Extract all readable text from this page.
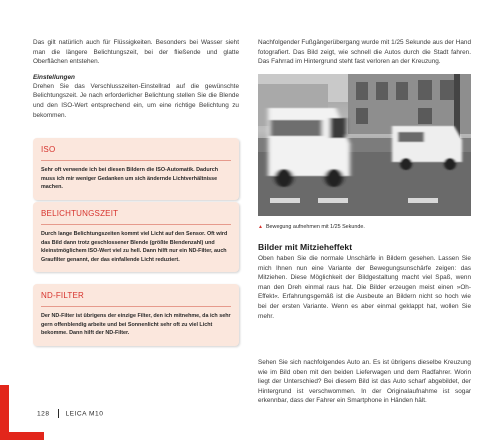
Das gilt natürlich auch für Flüssigkeiten. Besonders bei Wasser sieht man die längere Belichtungszeit, bei der fließende und glatte Oberflächen entstehen.

Einstellungen

Drehen Sie das Verschlusszeiten-Einstellrad auf die gewünschte Belichtungszeit. Je nach erforderlicher Belichtung stellen Sie die Blende und den ISO-Wert entsprechend ein, um eine richtige Belichtung zu bekommen.

ISO
Sehr oft verwende ich bei diesen Bildern die ISO-Automatik. Dadurch muss ich mir weniger Gedanken um sich ändernde Lichtverhältnisse machen.
BELICHTUNGSZEIT
Durch lange Belichtungszeiten kommt viel Licht auf den Sensor. Oft wird das Bild dann trotz geschlossener Blende (größte Blendenzahl) und kleinstmöglichem ISO-Wert viel zu hell. Dann hilft nur ein ND-Filter, auch Graufilter genannt, der das einfallende Licht reduziert.
ND-FILTER
Der ND-Filter ist übrigens der einzige Filter, den ich mitnehme, da ich sehr gern offenblendig arbeite und bei Sonnenlicht sehr oft zu viel Licht bekomme. Dann hilft der ND-Filter.

Nachfolgender Fußgängerübergang wurde mit 1/25 Sekunde aus der Hand fotografiert. Das Bild zeigt, wie schnell die Autos durch die Stadt fahren. Das Fahrrad im Hintergrund steht fast verloren an der Kreuzung.

▲ Bewegung aufnehmen mit 1/25 Sekunde.
Bilder mit Mitzieheffekt

Oben haben Sie die normale Unschärfe in Bildern gesehen. Lassen Sie mich Ihnen nun eine Variante der Bewegungsunschärfe zeigen: das Mitziehen. Diese Möglichkeit der Bildgestaltung macht viel Spaß, wenn man den Dreh einmal raus hat. Die Bilder erzeugen meist einen »Oh-Effekt«. Erfahrungsgemäß ist die Ausbeute an Bildern nicht so hoch wie bei der ersten Variante. Wenn es aber einmal geklappt hat, wollen Sie mehr.

Sehen Sie sich nachfolgendes Auto an. Es ist übrigens dieselbe Kreuzung wie im Bild oben mit den beiden Lieferwagen und dem Radfahrer. Worin liegt der Unterschied? Bei diesem Bild ist das Auto scharf abgebildet, der Hintergrund ist verschwommen. In der Originalaufnahme ist sogar erkennbar, dass der Fahrer ein Smartphone in Händen hält.

128 LEICA M10
